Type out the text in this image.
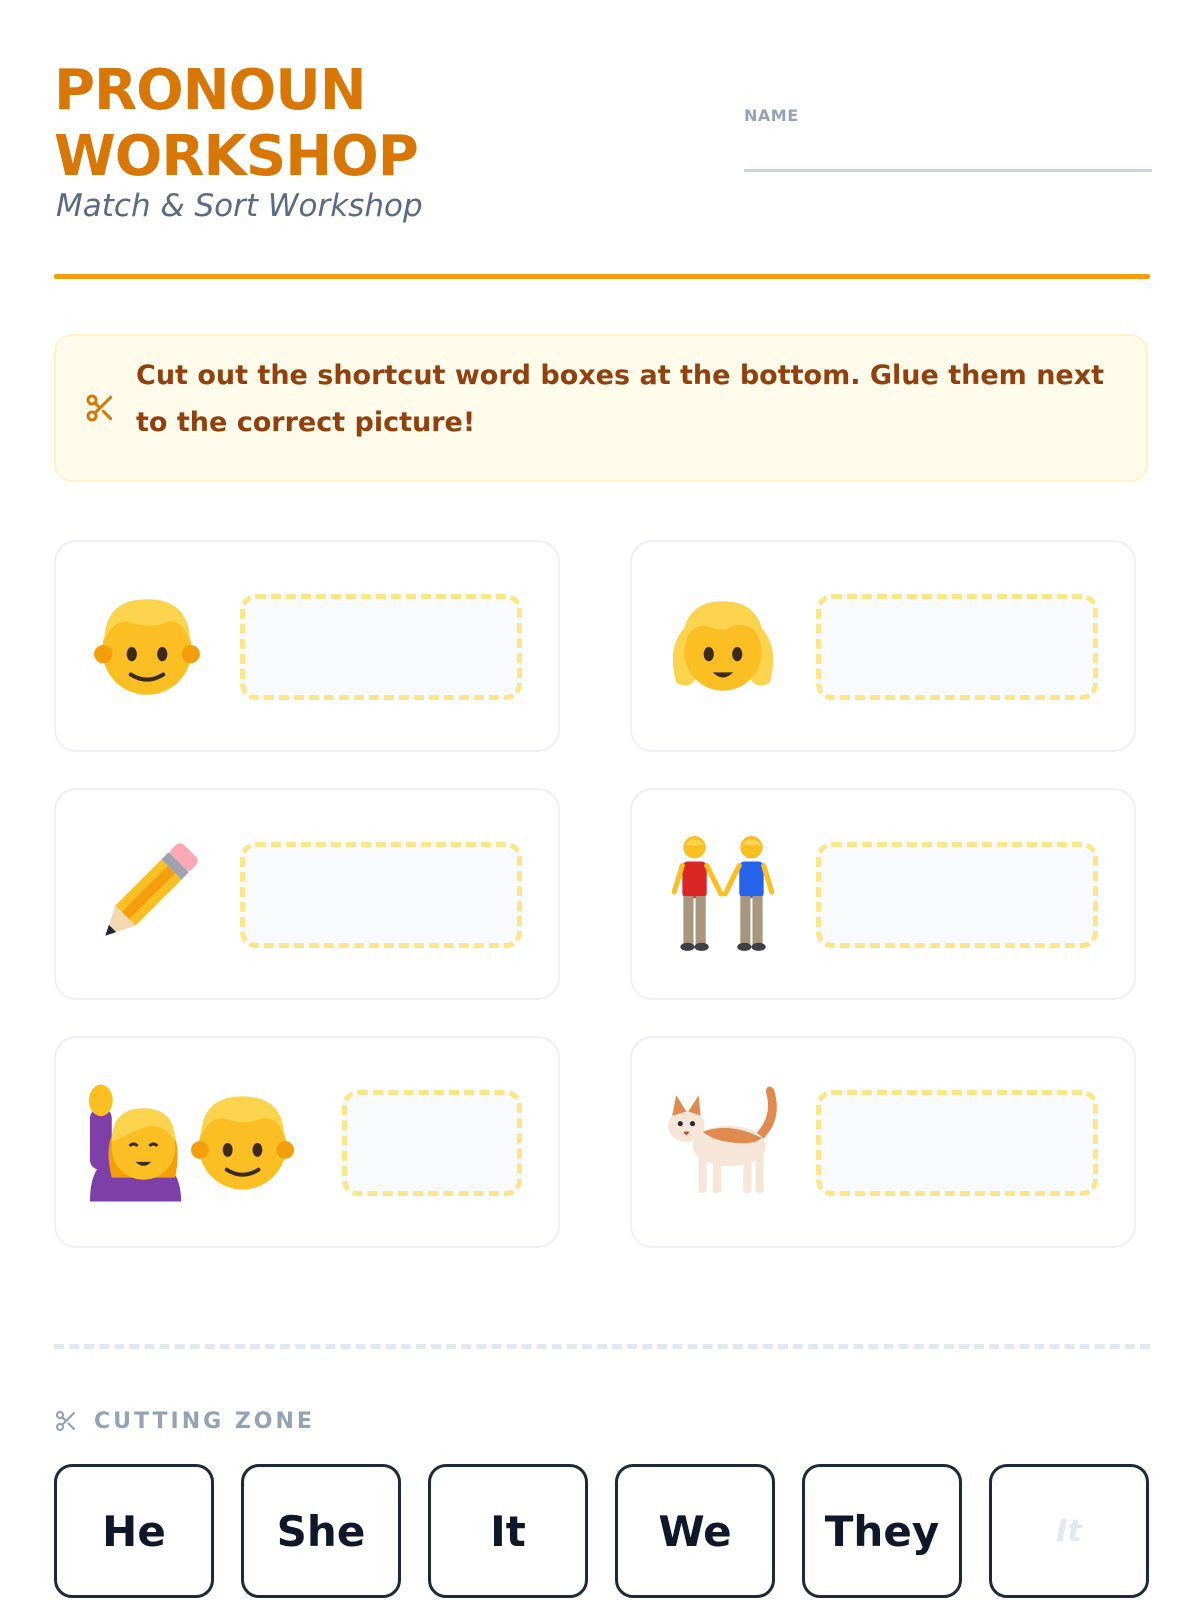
PRONOUN
WORKSHOP
Match & Sort Workshop
NAME
Cut out the shortcut word boxes at the bottom. Glue them next to the correct picture!
CUTTING ZONE
He	She	It	We	They	It
